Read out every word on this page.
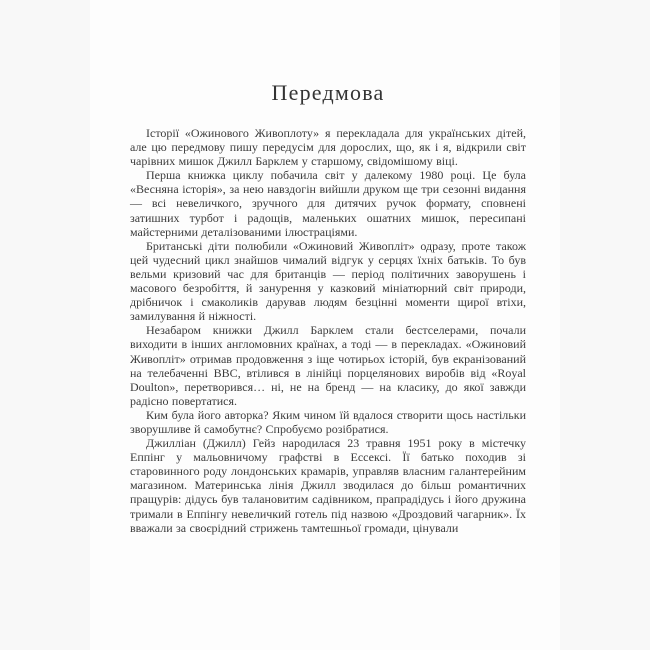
Передмова

Історії «Ожинового Живоплоту» я перекладала для українських дітей, але цю передмову пишу передусім для дорослих, що, як і я, відкрили світ чарівних мишок Джилл Барклем у старшому, свідомішому віці.

Перша книжка циклу побачила світ у далекому 1980 році. Це була «Весняна історія», за нею навздогін вийшли друком ще три сезонні видання — всі невеличкого, зручного для дитячих ручок формату, сповнені затишних турбот і радощів, маленьких ошатних мишок, пересипані майстерними деталізованими ілюстраціями.

Британські діти полюбили «Ожиновий Живопліт» одразу, проте також цей чудесний цикл знайшов чималий відгук у серцях їхніх батьків. То був вельми кризовий час для британців — період політичних заворушень і масового безробіття, й занурення у казковий мініатюрний світ природи, дрібничок і смаколиків дарував людям безцінні моменти щирої втіхи, замилування й ніжності.

Незабаром книжки Джилл Барклем стали бестселерами, почали виходити в інших англомовних країнах, а тоді — в перекладах. «Ожиновий Живопліт» отримав продовження з іще чотирьох історій, був екранізований на телебаченні BBC, втілився в лінійці порцелянових виробів від «Royal Doulton», перетворився… ні, не на бренд — на класику, до якої завжди радісно повертатися.

Ким була його авторка? Яким чином їй вдалося створити щось настільки зворушливе й самобутнє? Спробуємо розібратися.

Джилліан (Джилл) Гейз народилася 23 травня 1951 року в містечку Еппінг у мальовничому графстві в Ессексі. Її батько походив зі старовинного роду лондонських крамарів, управляв власним галантерейним магазином. Материнська лінія Джилл зводилася до більш романтичних пращурів: дідусь був талановитим садівником, прапрадідусь і його дружина тримали в Еппінгу невеличкий готель під назвою «Дроздовий чагарник». Їх вважали за своєрідний стрижень тамтешньої громади, цінували
